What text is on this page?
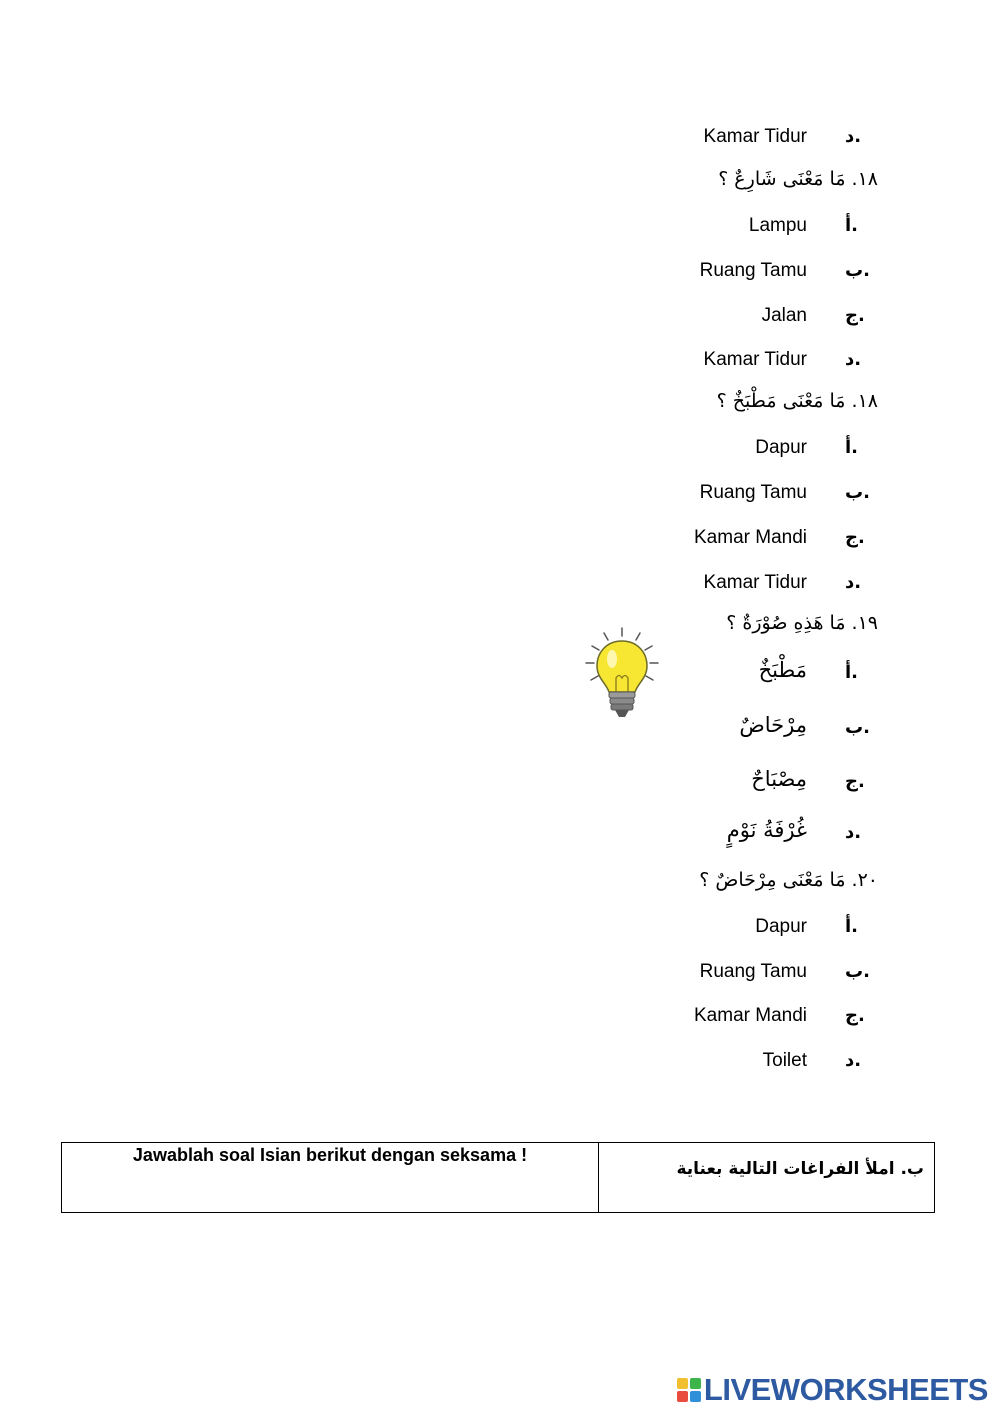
Kamar Tidur د.
١٨. مَا مَعْنَى شَارِعٌ ؟
Lampu أ.
Ruang Tamu ب.
Jalan ج.
Kamar Tidur د.
١٨. مَا مَعْنَى مَطْبَخٌ ؟
Dapur أ.
Ruang Tamu ب.
Kamar Mandi ج.
Kamar Tidur د.
١٩. مَا هَذِهِ صُوْرَةٌ ؟
مَطْبَخٌ أ.
مِرْحَاضٌ ب.
مِصْبَاحٌ ج.
غُرْفَةُ نَوْمٍ د.
٢٠. مَا مَعْنَى مِرْحَاضٌ ؟
Dapur أ.
Ruang Tamu ب.
Kamar Mandi ج.
Toilet د.
Jawablah soal Isian berikut dengan seksama !
ب. املأ الفراغات التالية بعناية
LIVEWORKSHEETS
